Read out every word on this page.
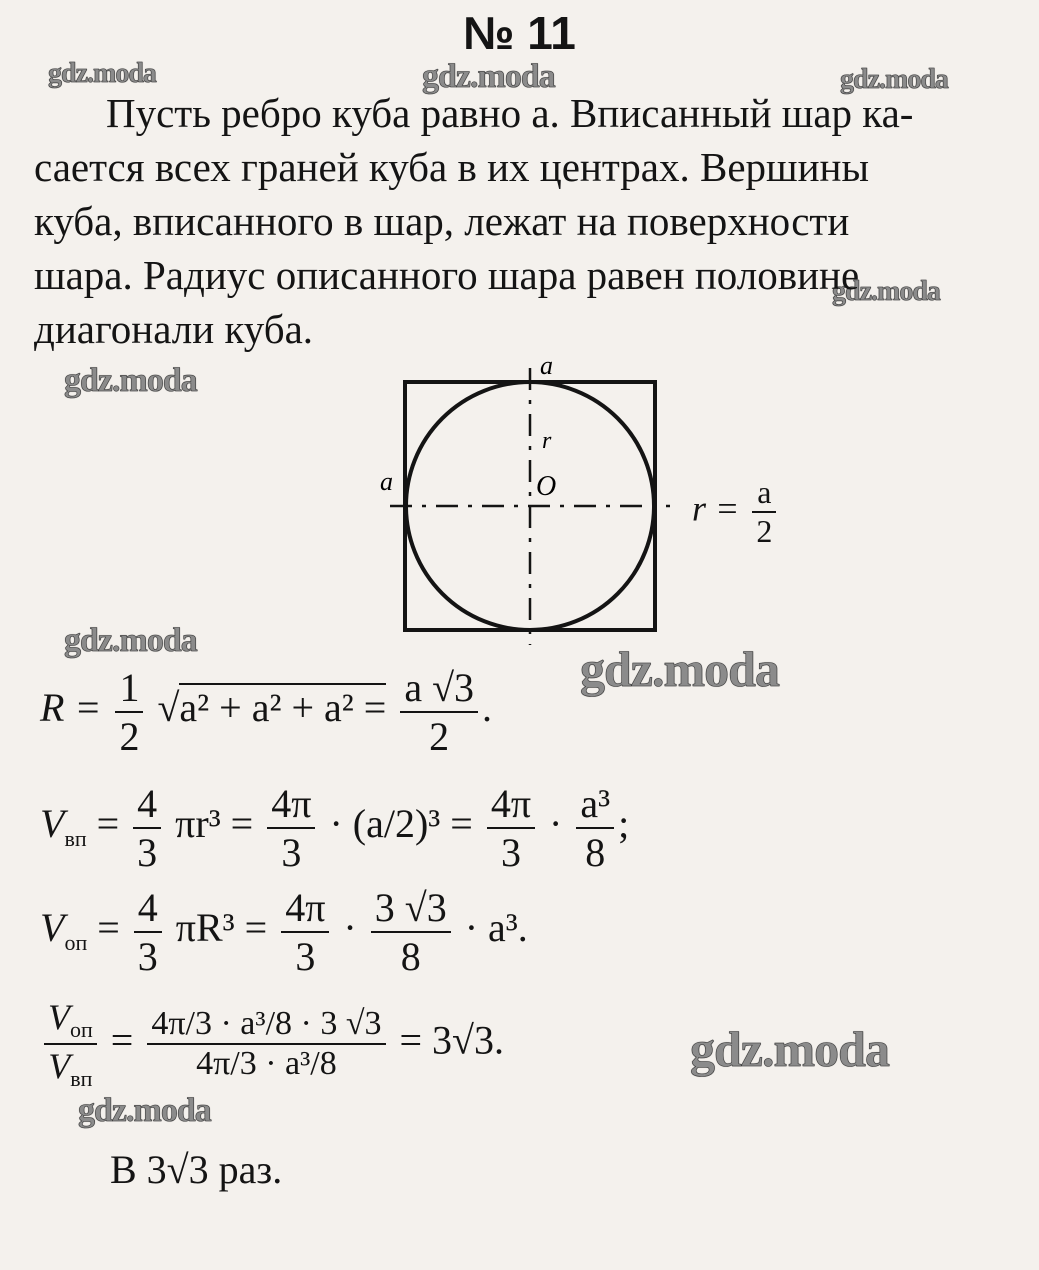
№ 11
gdz.moda	gdz.moda	gdz.moda
gdz.moda
gdz.moda
gdz.moda
gdz.moda
gdz.moda
gdz.moda
Пусть ребро куба равно a. Вписанный шар ка-
сается всех граней куба в их центрах. Вершины
куба, вписанного в шар, лежат на поверхности
шара. Радиус описанного шара равен половине
диагонали куба.
a
a
r
O
$r = \frac{a}{2}$
$R = \frac{1}{2} √a^2 + a^2 + a^2 = \frac{a √3}{2}$ .
$V_{вп} = \frac{4}{3} \pi r^3 = \frac{4\pi}{3} \cdot (a/2)^3 = \frac{4\pi}{3} \cdot \frac{\text{a³}}{8}$ ;
$V_{оп} = \frac{4}{3} \pi R^3 = \frac{4\pi}{3} \cdot \frac{3 √3}{8} \cdot a^3$.
$V_{оп}$
$V_{вп}$
= $\frac{\text{4π/3 · a³/8 · 3 √3}}{\text{4π/3 · a³/8}} = 3√3$.
В 3√3 раз.
